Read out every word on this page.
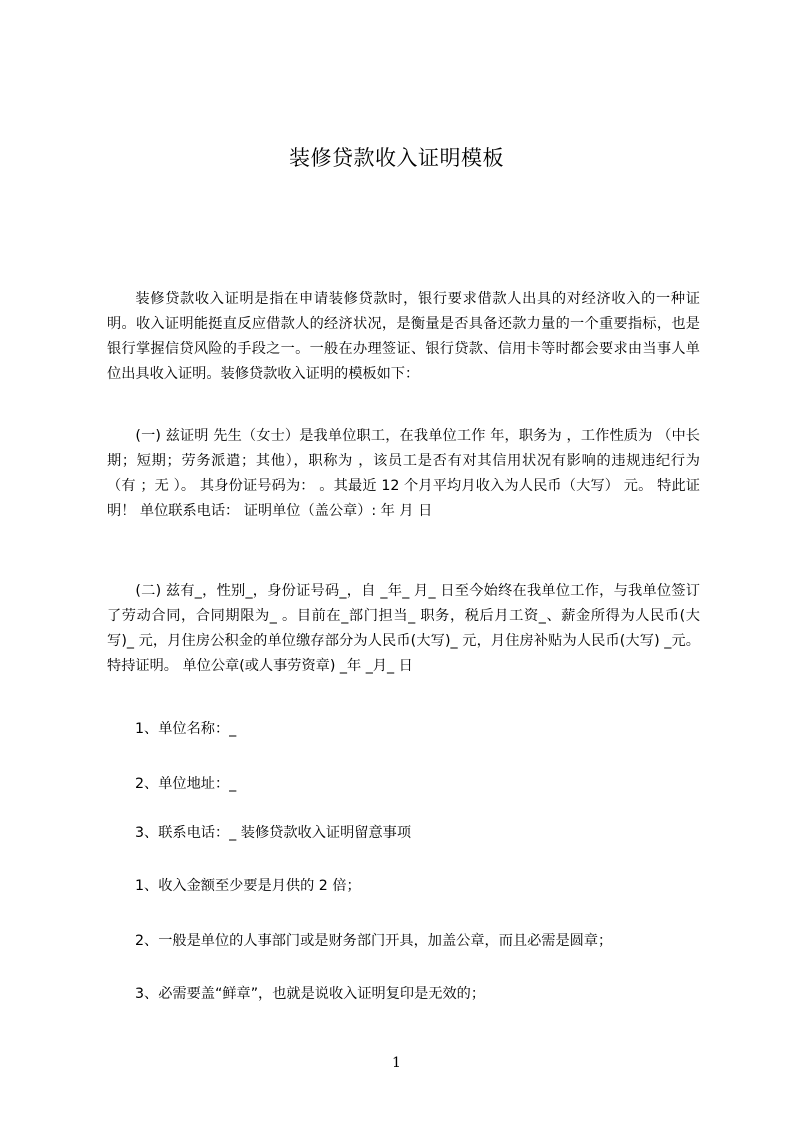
装修贷款收入证明模板

装修贷款收入证明是指在申请装修贷款时，银行要求借款人出具的对经济收入的一种证明。收入证明能挺直反应借款人的经济状况，是衡量是否具备还款力量的一个重要指标，也是银行掌握信贷风险的手段之一。一般在办理签证、银行贷款、信用卡等时都会要求由当事人单位出具收入证明。装修贷款收入证明的模板如下：

(一) 兹证明 先生（女士）是我单位职工，在我单位工作 年，职务为 ，工作性质为 （中长期；短期；劳务派遣；其他），职称为 ，该员工是否有对其信用状况有影响的违规违纪行为 （有 ；无 ）。 其身份证号码为： 。其最近 12 个月平均月收入为人民币（大写） 元。 特此证明！ 单位联系电话： 证明单位（盖公章）: 年 月 日

(二) 兹有_，性别_，身份证号码_，自 _年_ 月_ 日至今始终在我单位工作，与我单位签订了劳动合同，合同期限为_ 。目前在_部门担当_ 职务，税后月工资_、薪金所得为人民币(大写)_ 元，月住房公积金的单位缴存部分为人民币(大写)_ 元，月住房补贴为人民币(大写) _元。 特持证明。 单位公章(或人事劳资章) _年 _月_ 日

1、单位名称：_

2、单位地址：_

3、联系电话：_ 装修贷款收入证明留意事项

1、收入金额至少要是月供的 2 倍；

2、一般是单位的人事部门或是财务部门开具，加盖公章，而且必需是圆章；

3、必需要盖“鲜章”，也就是说收入证明复印是无效的；

1
